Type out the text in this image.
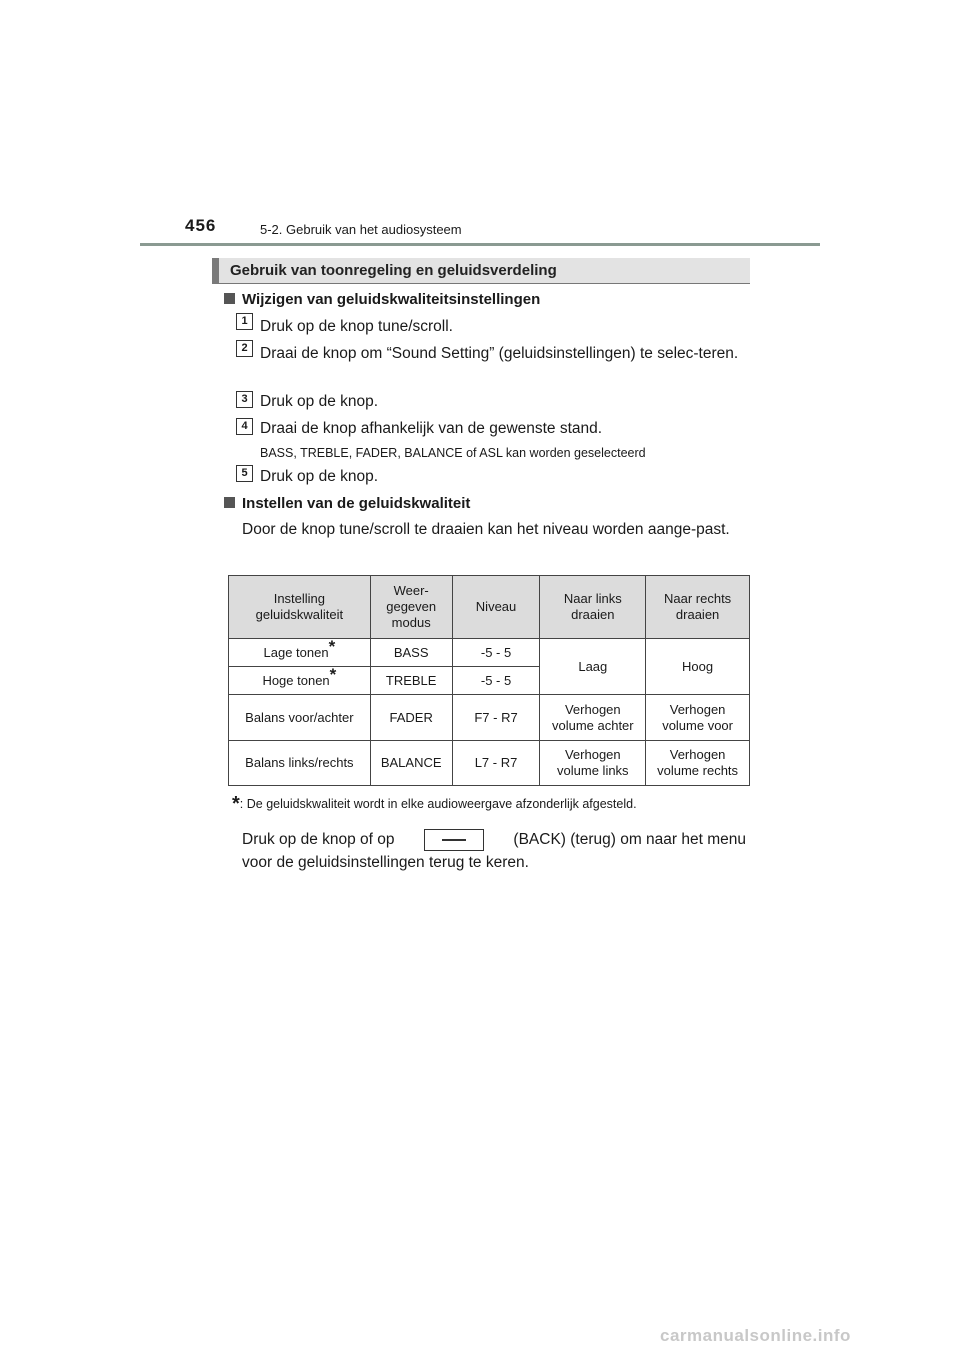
456	5-2. Gebruik van het audiosysteem
Gebruik van toonregeling en geluidsverdeling
Wijzigen van geluidskwaliteitsinstellingen
1 Druk op de knop tune/scroll.
2 Draai de knop om “Sound Setting” (geluidsinstellingen) te selec-teren.
3 Druk op de knop.
4 Draai de knop afhankelijk van de gewenste stand.
BASS, TREBLE, FADER, BALANCE of ASL kan worden geselecteerd
5 Druk op de knop.
Instellen van de geluidskwaliteit
Door de knop tune/scroll te draaien kan het niveau worden aange-past.
Instelling geluidskwaliteit	Weer-gegeven modus	Niveau	Naar links draaien	Naar rechts draaien
Lage tonen*	BASS	-5 - 5	Laag	Hoog
Hoge tonen*	TREBLE	-5 - 5		
Balans voor/achter	FADER	F7 - R7	Verhogen volume achter	Verhogen volume voor
Balans links/rechts	BALANCE	L7 - R7	Verhogen volume links	Verhogen volume rechts
*: De geluidskwaliteit wordt in elke audioweergave afzonderlijk afgesteld.
Druk op de knop of op	(BACK) (terug) om naar het menu
voor de geluidsinstellingen terug te keren.
carmanualsonline.info
